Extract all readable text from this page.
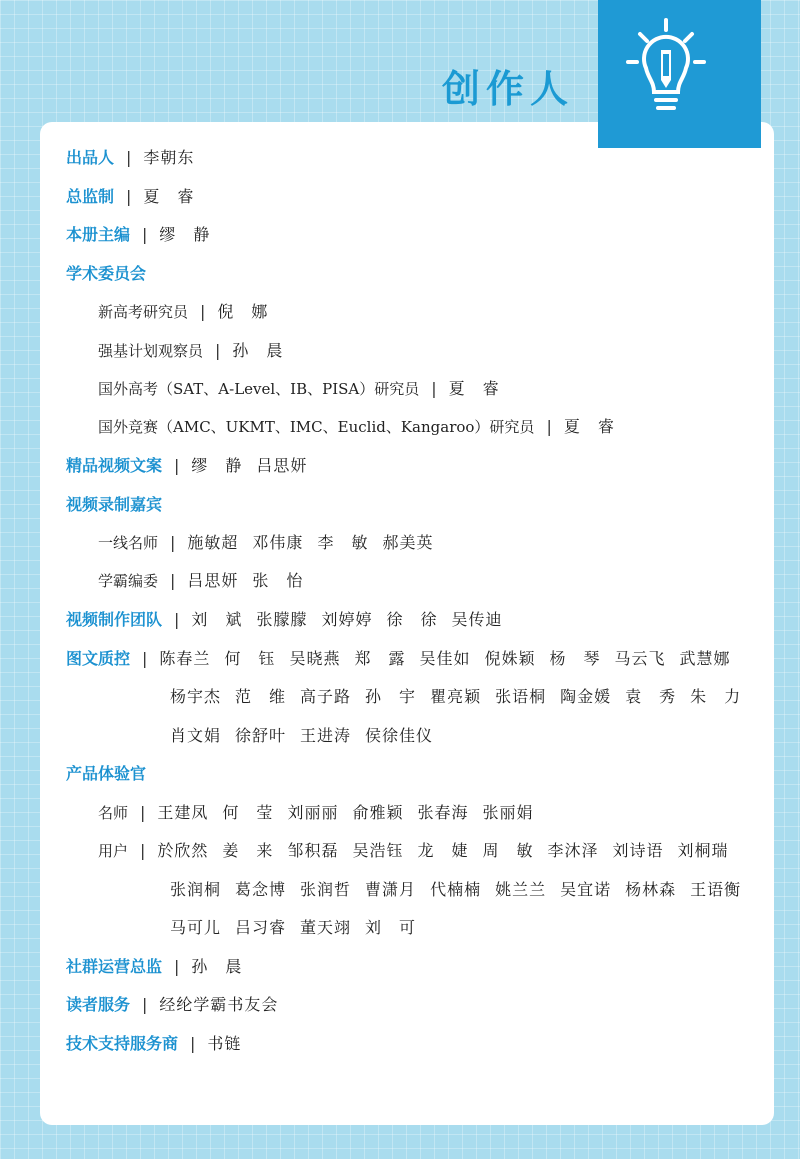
创作人
出品人 | 李朝东
总监制 | 夏　睿
本册主编 | 缪　静
学术委员会
新高考研究员 | 倪　娜
强基计划观察员 | 孙　晨
国外高考（SAT、A-Level、IB、PISA）研究员 | 夏　睿
国外竞赛（AMC、UKMT、IMC、Euclid、Kangaroo）研究员 | 夏　睿
精品视频文案 | 缪　静 吕思妍
视频录制嘉宾
一线名师 | 施敏超 邓伟康 李　敏 郝美英
学霸编委 | 吕思妍 张　怡
视频制作团队 | 刘　斌 张朦朦 刘婷婷 徐　徐 吴传迪
图文质控 | 陈春兰 何　钰 吴晓燕 郑　露 吴佳如 倪姝颖 杨　琴 马云飞 武慧娜
杨宇杰 范　维 高子路 孙　宇 瞿亮颖 张语桐 陶金媛 袁　秀 朱　力
肖文娟 徐舒叶 王进涛 侯徐佳仪
产品体验官
名师 | 王建凤 何　莹 刘丽丽 俞雅颖 张春海 张丽娟
用户 | 於欣然 姜　来 邹积磊 吴浩钰 龙　婕 周　敏 李沐泽 刘诗语 刘桐瑞
张润桐 葛念博 张润哲 曹潇月 代楠楠 姚兰兰 吴宜诺 杨林森 王语衡
马可儿 吕习睿 董天翊 刘　可
社群运营总监 | 孙　晨
读者服务 | 经纶学霸书友会
技术支持服务商 | 书链
